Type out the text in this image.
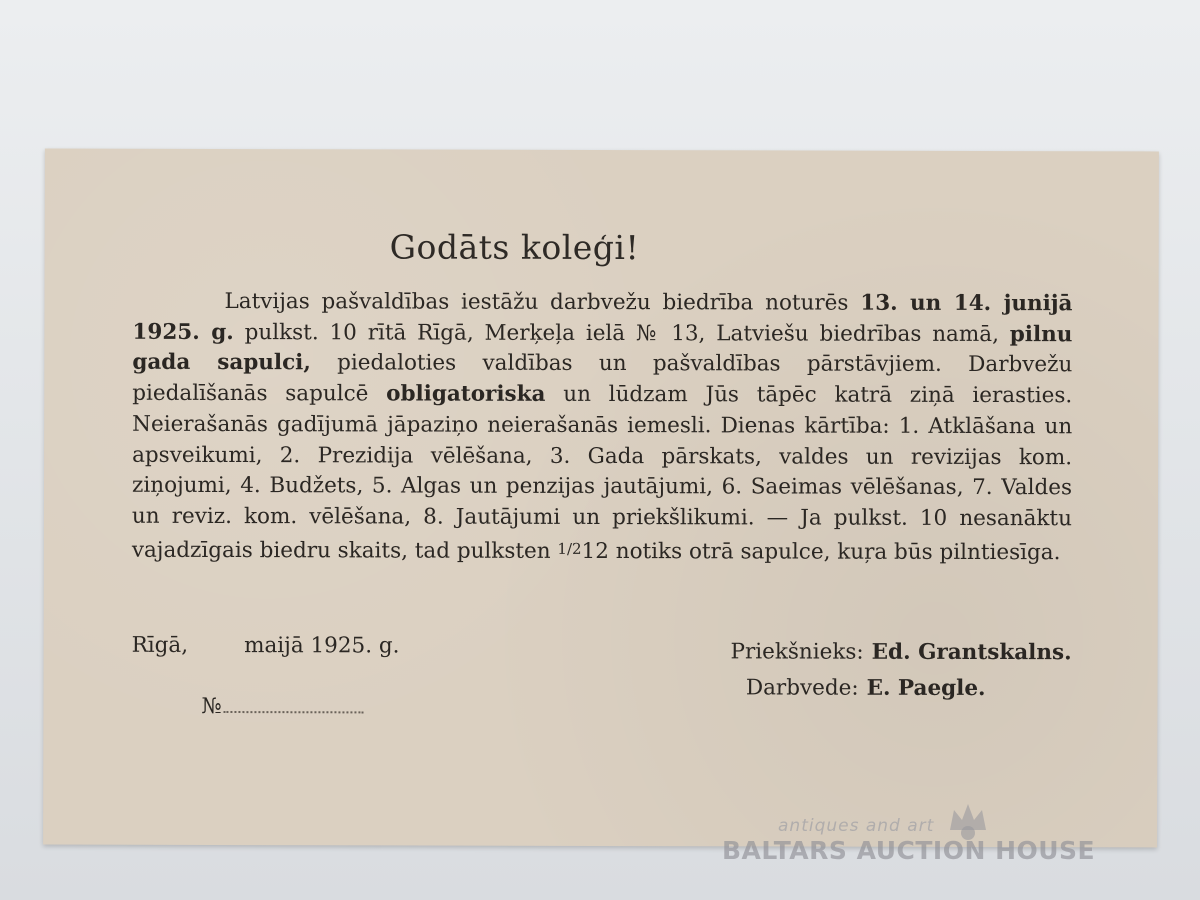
Godāts koleģi!

Latvijas pašvaldības iestāžu darbvežu biedrība noturēs 13. un 14. junijā 1925. g. pulkst. 10 rītā Rīgā, Merķeļa ielā № 13, Latviešu biedrības namā, pilnu gada sapulci, piedaloties valdības un pašvaldības pārstāvjiem. Darbvežu piedalīšanās sapulcē obligatoriska un lūdzam Jūs tāpēc katrā ziņā ierasties. Neierašanās gadījumā jāpaziņo neierašanās iemesli. Dienas kārtība: 1. Atklāšana un apsveikumi, 2. Prezidija vēlēšana, 3. Gada pārskats, valdes un revizijas kom. ziņojumi, 4. Budžets, 5. Algas un penzijas jautājumi, 6. Saeimas vēlēšanas, 7. Valdes un reviz. kom. vēlēšana, 8. Jautājumi un priekšlikumi. — Ja pulkst. 10 nesanāktu vajadzīgais biedru skaits, tad pulksten 1/212 notiks otrā sapulce, kuŗa būs pilntiesīga.

Rīgā,	maijā 1925. g.	Priekšnieks: Ed. Grantskalns.
Darbvede: E. Paegle.
№
antiques and art
BALTARS AUCTION HOUSE
